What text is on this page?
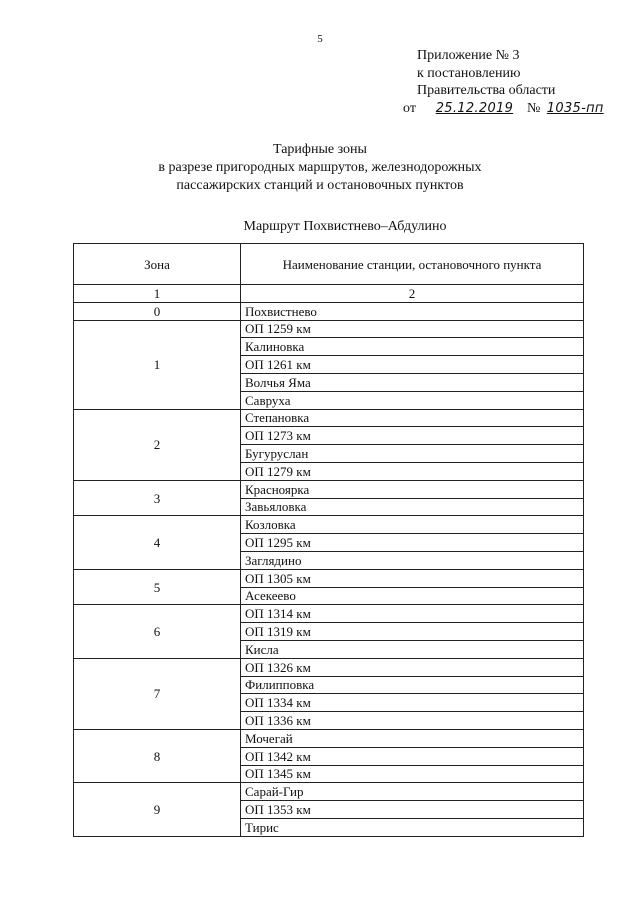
5
Приложение № 3
к постановлению
Правительства области
от 25.12.2019 № 1035-пп
Тарифные зоны
в разрезе пригородных маршрутов, железнодорожных
пассажирских станций и остановочных пунктов
Маршрут Похвистнево–Абдулино
Зона	Наименование станции, остановочного пункта
1	2
0	Похвистнево
1	ОП 1259 км
	Калиновка
	ОП 1261 км
	Волчья Яма
	Савруха
2	Степановка
	ОП 1273 км
	Бугуруслан
	ОП 1279 км
3	Красноярка
	Завьяловка
4	Козловка
	ОП 1295 км
	Заглядино
5	ОП 1305 км
	Асекеево
6	ОП 1314 км
	ОП 1319 км
	Кисла
7	ОП 1326 км
	Филипповка
	ОП 1334 км
	ОП 1336 км
8	Мочегай
	ОП 1342 км
	ОП 1345 км
9	Сарай-Гир
	ОП 1353 км
	Тирис
